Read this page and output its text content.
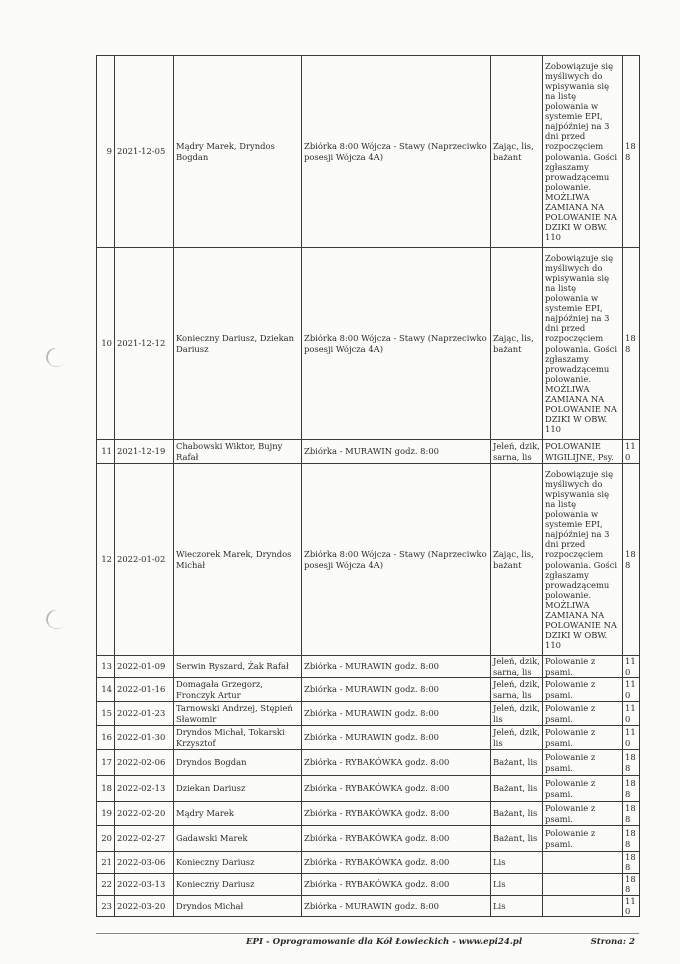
9	2021-12-05	Mądry Marek, Dryndos Bogdan	Zbiórka 8:00 Wójcza - Stawy (Naprzeciwko posesji Wójcza 4A)	Zając, lis, bażant	Zobowiązuje się myśliwych do wpisywania się na listę polowania w systemie EPI, najpóźniej na 3 dni przed rozpoczęciem polowania. Gości zgłaszamy prowadzącemu polowanie. MOŻLIWA ZAMIANA NA POLOWANIE NA DZIKI W OBW. 110	188
10	2021-12-12	Konieczny Dariusz, Dziekan Dariusz	Zbiórka 8:00 Wójcza - Stawy (Naprzeciwko posesji Wójcza 4A)	Zając, lis, bażant	Zobowiązuje się myśliwych do wpisywania się na listę polowania w systemie EPI, najpóźniej na 3 dni przed rozpoczęciem polowania. Gości zgłaszamy prowadzącemu polowanie. MOŻLIWA ZAMIANA NA POLOWANIE NA DZIKI W OBW. 110	188
11	2021-12-19	Chabowski Wiktor, Bujny Rafał	Zbiórka - MURAWIN godz. 8:00	Jeleń, dzik, sarna, lis	POLOWANIE WIGILIJNE, Psy.	110
12	2022-01-02	Wieczorek Marek, Dryndos Michał	Zbiórka 8:00 Wójcza - Stawy (Naprzeciwko posesji Wójcza 4A)	Zając, lis, bażant	Zobowiązuje się myśliwych do wpisywania się na listę polowania w systemie EPI, najpóźniej na 3 dni przed rozpoczęciem polowania. Gości zgłaszamy prowadzącemu polowanie. MOŻLIWA ZAMIANA NA POLOWANIE NA DZIKI W OBW. 110	188
13	2022-01-09	Serwin Ryszard, Żak Rafał	Zbiórka - MURAWIN godz. 8:00	Jeleń, dzik, sarna, lis	Polowanie z psami.	110
14	2022-01-16	Domagała Grzegorz, Fronczyk Artur	Zbiórka - MURAWIN godz. 8:00	Jeleń, dzik, sarna, lis	Polowanie z psami.	110
15	2022-01-23	Tarnowski Andrzej, Stępień Sławomir	Zbiórka - MURAWIN godz. 8:00	Jeleń, dzik, lis	Polowanie z psami.	110
16	2022-01-30	Dryndos Michał, Tokarski Krzysztof	Zbiórka - MURAWIN godz. 8:00	Jeleń, dzik, lis	Polowanie z psami.	110
17	2022-02-06	Dryndos Bogdan	Zbiórka - RYBAKÓWKA godz. 8:00	Bażant, lis	Polowanie z psami.	188
18	2022-02-13	Dziekan Dariusz	Zbiórka - RYBAKÓWKA godz. 8:00	Bażant, lis	Polowanie z psami.	188
19	2022-02-20	Mądry Marek	Zbiórka - RYBAKÓWKA godz. 8:00	Bażant, lis	Polowanie z psami.	188
20	2022-02-27	Gadawski Marek	Zbiórka - RYBAKÓWKA godz. 8:00	Bażant, lis	Polowanie z psami.	188
21	2022-03-06	Konieczny Dariusz	Zbiórka - RYBAKÓWKA godz. 8:00	Lis		188
22	2022-03-13	Konieczny Dariusz	Zbiórka - RYBAKÓWKA godz. 8:00	Lis		188
23	2022-03-20	Dryndos Michał	Zbiórka - MURAWIN godz. 8:00	Lis		110
EPI - Oprogramowanie dla Kół Łowieckich - www.epi24.pl	Strona: 2
